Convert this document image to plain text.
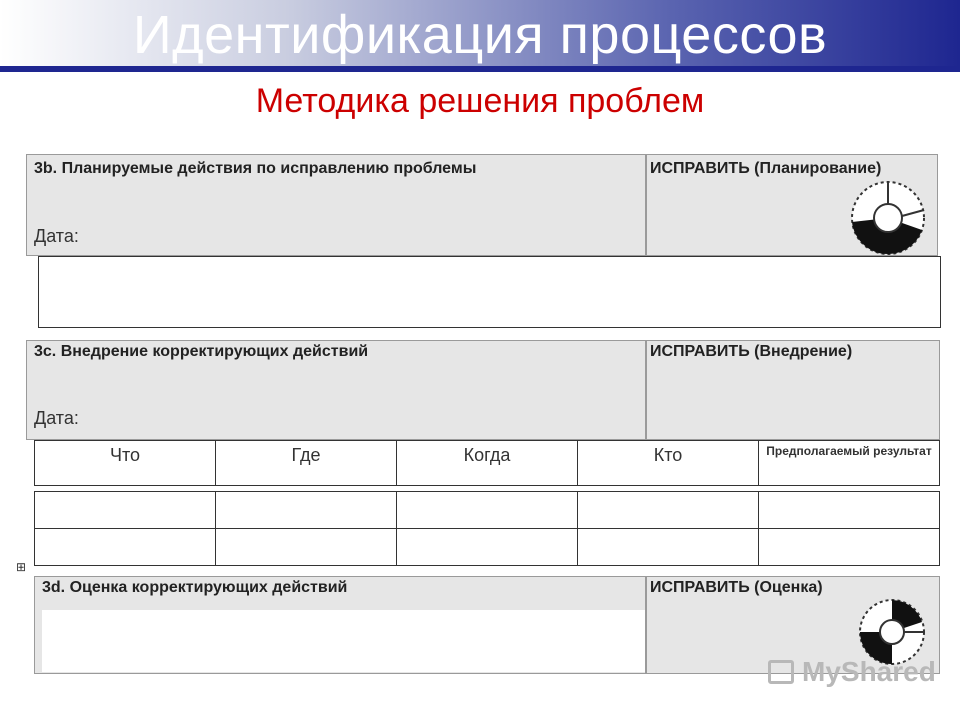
Идентификация процессов
Методика решения проблем
3b. Планируемые действия по исправлению проблемы
Дата:
ИСПРАВИТЬ (Планирование)
3c. Внедрение корректирующих действий
Дата:
ИСПРАВИТЬ (Внедрение)
Что	Где	Когда	Кто	Предполагаемый результат

⊞
3d. Оценка корректирующих действий	ИСПРАВИТЬ (Оценка)
MyShared
